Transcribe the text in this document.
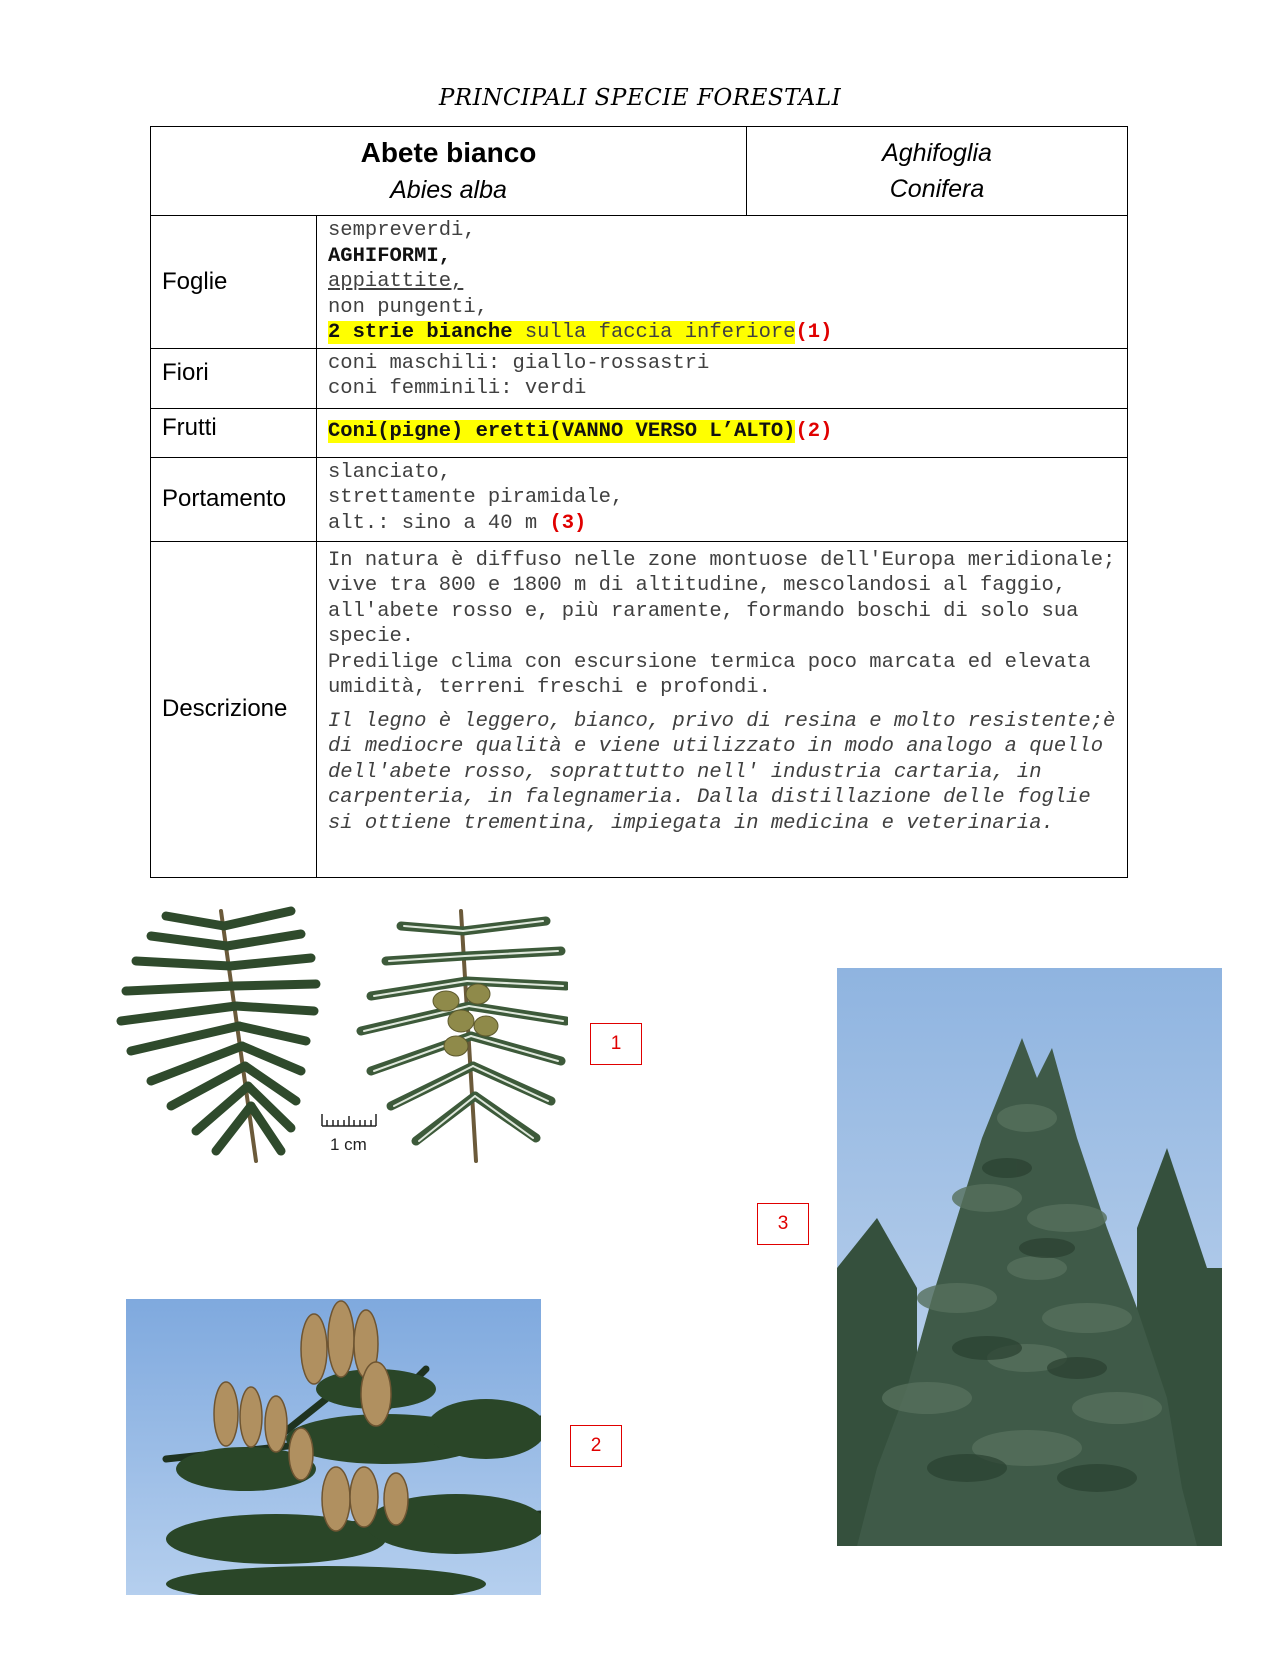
PRINCIPALI SPECIE FORESTALI
Abete bianco
Abies alba		Aghifoglia
Conifera

Foglie	sempreverdi,
AGHIFORMI,
appiattite,
non pungenti,
2 strie bianche sulla faccia inferiore(1)	

Fiori	coni maschili: giallo-rossastri
coni femminili: verdi	

Frutti	Coni(pigne) eretti(VANNO VERSO L’ALTO)(2)	

Portamento	slanciato,
strettamente piramidale,
alt.: sino a 40 m (3)	

Descrizione	In natura è diffuso nelle zone montuose dell'Europa meridionale; vive tra 800 e 1800 m di altitudine, mescolandosi al faggio, all'abete rosso e, più raramente, formando boschi di solo sua specie.

Predilige clima con escursione termica poco marcata ed elevata umidità, terreni freschi e profondi.

Il legno è leggero, bianco, privo di resina e molto resistente;è di mediocre qualità e viene utilizzato in modo analogo a quello dell'abete rosso, soprattutto nell' industria cartaria, in carpenteria, in falegnameria. Dalla distillazione delle foglie si ottiene trementina, impiegata in medicina e veterinaria.	

1 cm
1
2
3
